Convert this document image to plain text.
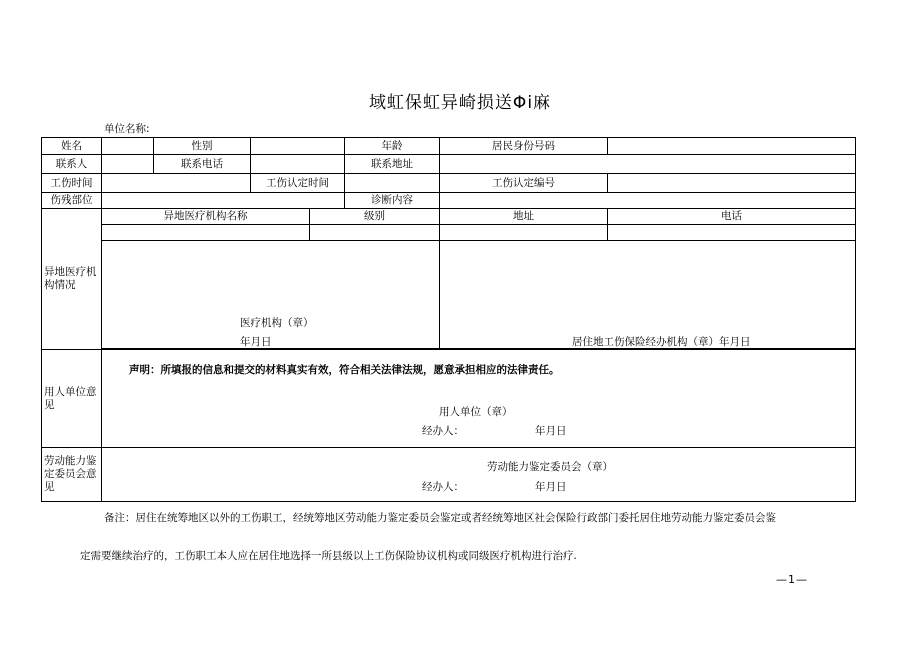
域虹保虹异崎损送Φi麻
单位名称:
姓名		性别			年龄	居民身份号码	
联系人		联系电话			联系地址		
工伤时间			工伤认定时间			工伤认定编号	
伤残部位					诊断内容		
异地医疗机构情况	异地医疗机构名称			级别		地址	电话

	医疗机构（章）
年月日					居住地工伤保险经办机构（章）年月日	

用人单位意见	声明：所填报的信息和提交的材料真实有效，符合相关法律法规，愿意承担相应的法律责任。
用人单位（章）
经办人： 年月日						

劳动能力鉴定委员会意见	劳动能力鉴定委员会（章）
经办人： 年月日						
备注：居住在统筹地区以外的工伤职工，经统筹地区劳动能力鉴定委员会鉴定或者经统筹地区社会保险行政部门委托居住地劳动能力鉴定委员会鉴
定需要继续治疗的，工伤职工本人应在居住地选择一所县级以上工伤保险协议机构或同级医疗机构进行治疗.
—1—
